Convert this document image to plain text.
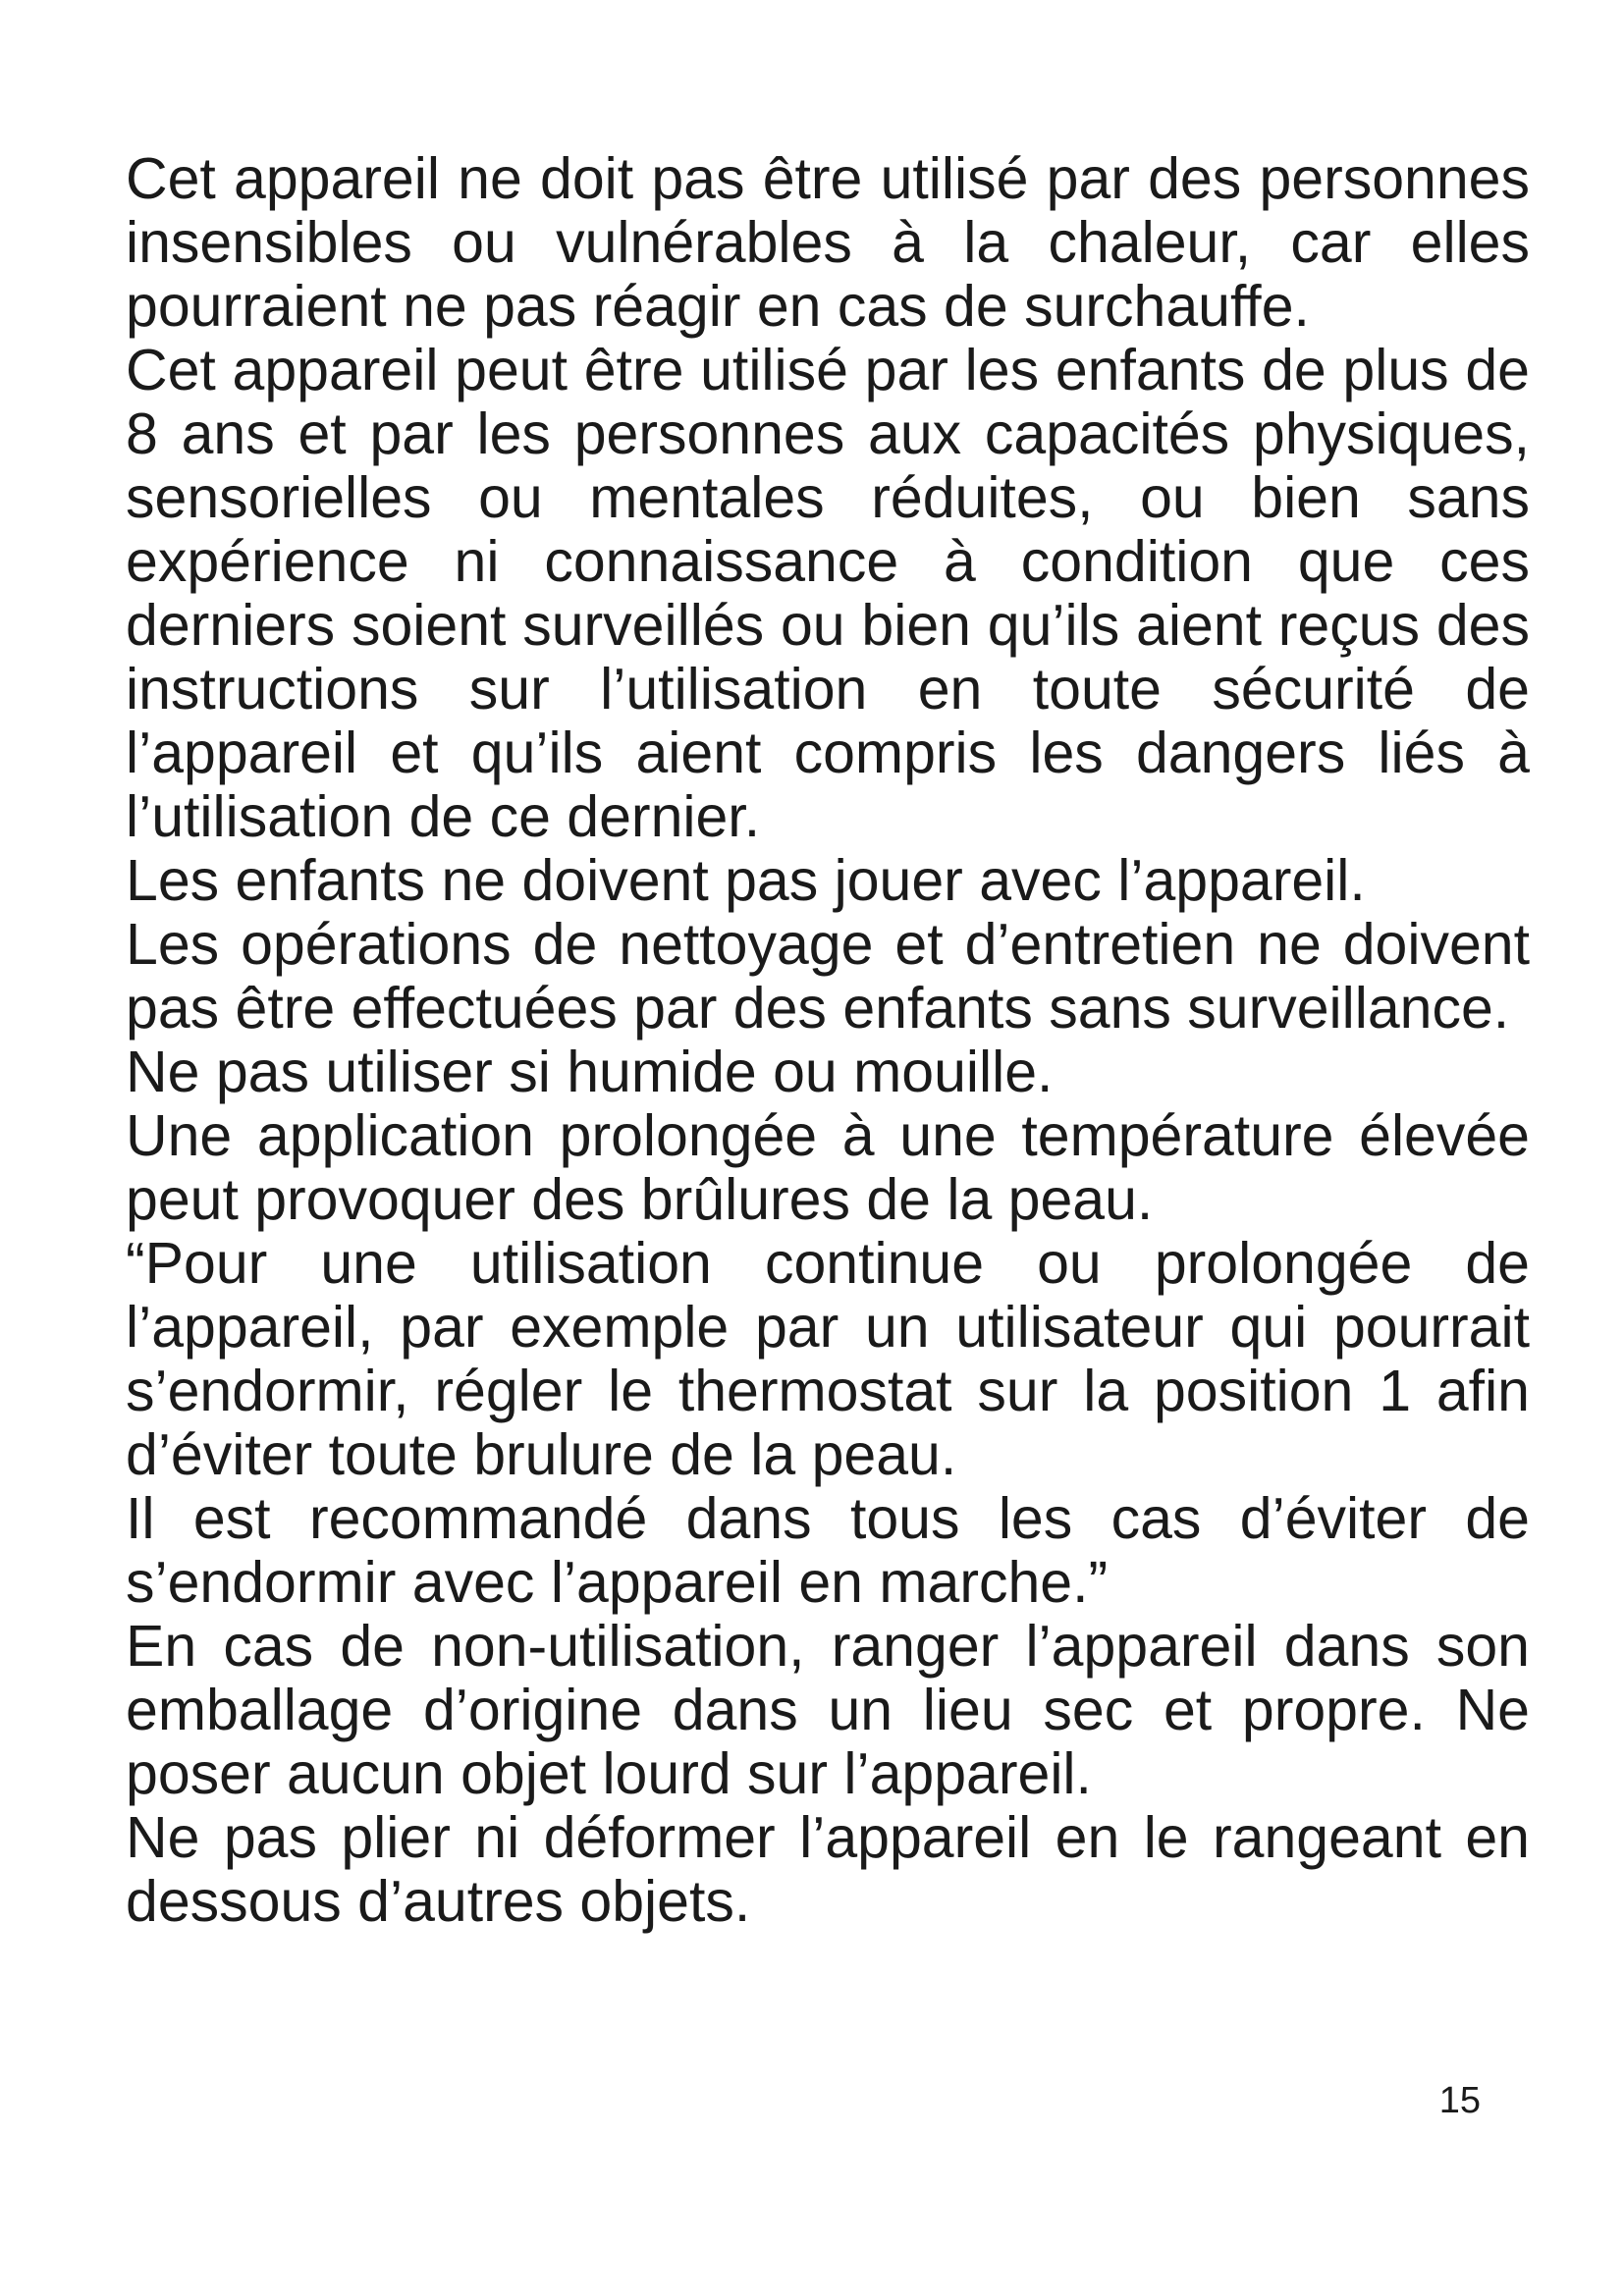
Cet appareil ne doit pas être utilisé par des personnes insensibles ou vulnérables à la chaleur, car elles pourraient ne pas réagir en cas de surchauffe.

Cet appareil peut être utilisé par les enfants de plus de 8 ans et par les personnes aux capacités physiques, sensorielles ou mentales réduites, ou bien sans expérience ni connaissance à condition que ces derniers soient surveillés ou bien qu’ils aient reçus des instructions sur l’utilisation en toute sécurité de l’appareil et qu’ils aient compris les dangers liés à l’utilisation de ce dernier.

Les enfants ne doivent pas jouer avec l’appareil.

Les opérations de nettoyage et d’entretien ne doivent pas être effectuées par des enfants sans surveillance.

Ne pas utiliser si humide ou mouille.

Une application prolongée à une température élevée peut provoquer des brûlures de la peau.

“Pour une utilisation continue ou prolongée de l’appareil, par exemple par un utilisateur qui pourrait s’endormir, régler le thermostat sur la position 1 afin d’éviter toute brulure de la peau.

Il est recommandé dans tous les cas d’éviter de s’endormir avec l’appareil en marche.”

En cas de non-utilisation, ranger l’appareil dans son emballage d’origine dans un lieu sec et propre. Ne poser aucun objet lourd sur l’appareil.

Ne pas plier ni déformer l’appareil en le rangeant en dessous d’autres objets.

15
